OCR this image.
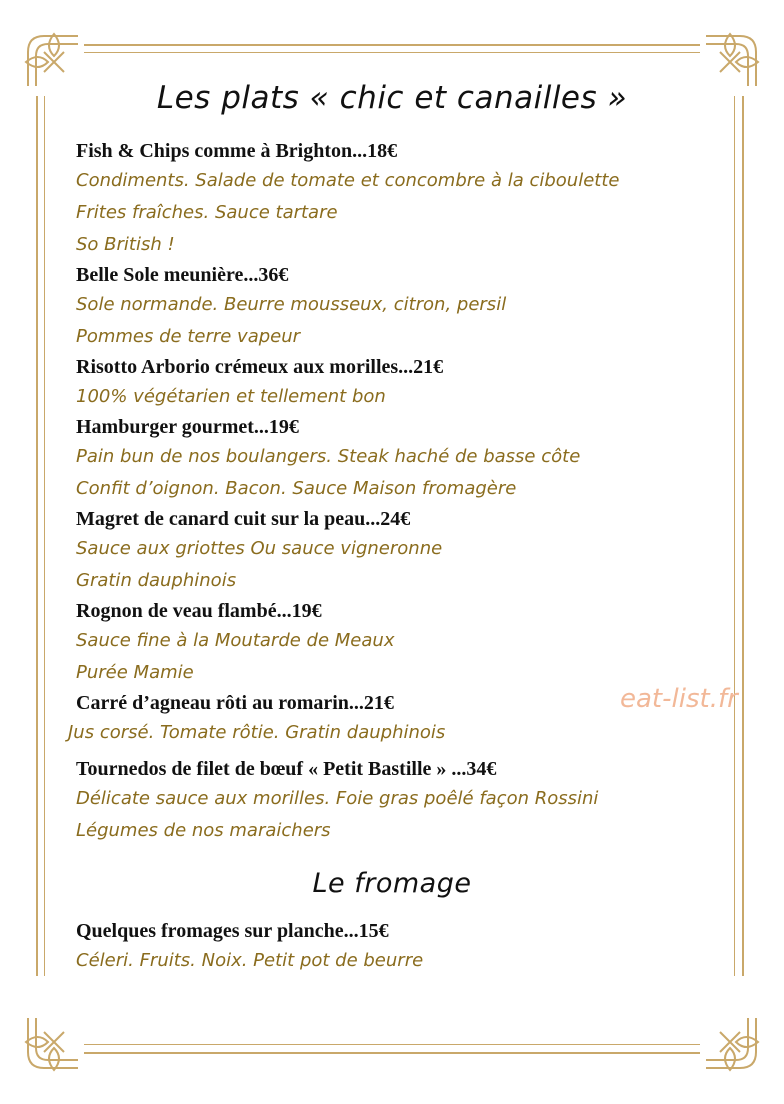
Les plats « chic et canailles »
Fish & Chips comme à Brighton...18€
Condiments. Salade de tomate et concombre à la ciboulette
Frites fraîches. Sauce tartare
So British !
Belle Sole meunière...36€
Sole normande. Beurre mousseux, citron, persil
Pommes de terre vapeur
Risotto Arborio crémeux aux morilles...21€
100% végétarien et tellement bon
Hamburger gourmet...19€
Pain bun de nos boulangers. Steak haché de basse côte
Confit d’oignon. Bacon. Sauce Maison fromagère
Magret de canard cuit sur la peau...24€
Sauce aux griottes Ou sauce vigneronne
Gratin dauphinois
Rognon de veau flambé...19€
Sauce fine à la Moutarde de Meaux
Purée Mamie
Carré d’agneau rôti au romarin...21€
Jus corsé. Tomate rôtie. Gratin dauphinois
Tournedos de filet de bœuf « Petit Bastille » ...34€
Délicate sauce aux morilles. Foie gras poêlé façon Rossini
Légumes de nos maraichers
Le fromage
Quelques fromages sur planche...15€
Céleri. Fruits. Noix. Petit pot de beurre
eat-list.fr
